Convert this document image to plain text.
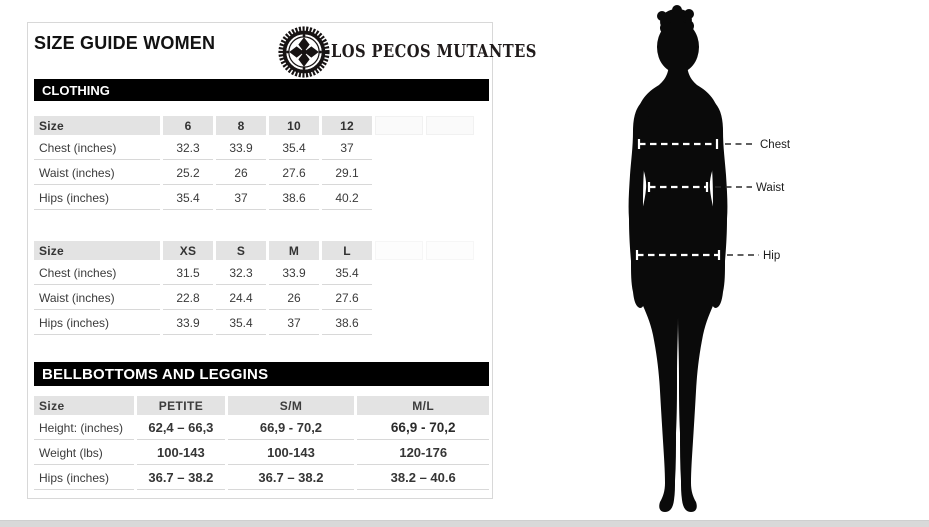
SIZE GUIDE WOMEN	LOS PECOS MUTANTES
CLOTHING
Size	6	8	10	12		
Chest (inches)	32.3	33.9	35.4	37		
Waist (inches)	25.2	26	27.6	29.1		
Hips (inches)	35.4	37	38.6	40.2		
Size	XS	S	M	L		
Chest (inches)	31.5	32.3	33.9	35.4		
Waist (inches)	22.8	24.4	26	27.6		
Hips (inches)	33.9	35.4	37	38.6		
BELLBOTTOMS AND LEGGINS
Size	PETITE	S/M	M/L
Height: (inches)	62,4 – 66,3	66,9 - 70,2	66,9 - 70,2
Weight (lbs)	100-143	100-143	120-176
Hips (inches)	36.7 – 38.2	36.7 – 38.2	38.2 – 40.6
Chest
Waist
Hip
